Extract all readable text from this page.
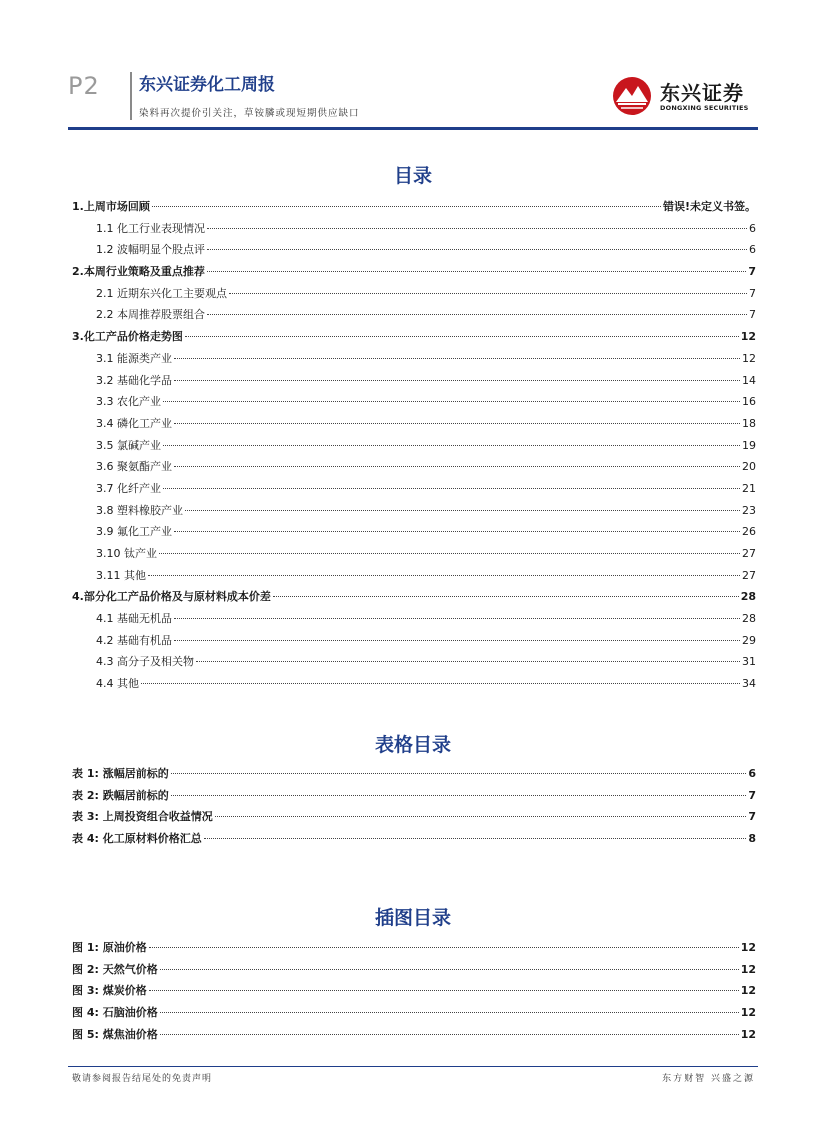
P2 东兴证券化工周报
染料再次提价引关注，草铵膦或现短期供应缺口
东兴证券
DONGXING SECURITIES
目录
1.上周市场回顾	错误!未定义书签。
1.1 化工行业表现情况	6
1.2 波幅明显个股点评	6
2.本周行业策略及重点推荐	7
2.1 近期东兴化工主要观点	7
2.2 本周推荐股票组合	7
3.化工产品价格走势图	12
3.1 能源类产业	12
3.2 基础化学品	14
3.3 农化产业	16
3.4 磷化工产业	18
3.5 氯碱产业	19
3.6 聚氨酯产业	20
3.7 化纤产业	21
3.8 塑料橡胶产业	23
3.9 氟化工产业	26
3.10 钛产业	27
3.11 其他	27
4.部分化工产品价格及与原材料成本价差	28
4.1 基础无机品	28
4.2 基础有机品	29
4.3 高分子及相关物	31
4.4 其他	34
表格目录
表 1: 涨幅居前标的	6
表 2: 跌幅居前标的	7
表 3: 上周投资组合收益情况	7
表 4: 化工原材料价格汇总	8
插图目录
图 1: 原油价格	12
图 2: 天然气价格	12
图 3: 煤炭价格	12
图 4: 石脑油价格	12
图 5: 煤焦油价格	12
敬请参阅报告结尾处的免责声明	东方财智 兴盛之源
